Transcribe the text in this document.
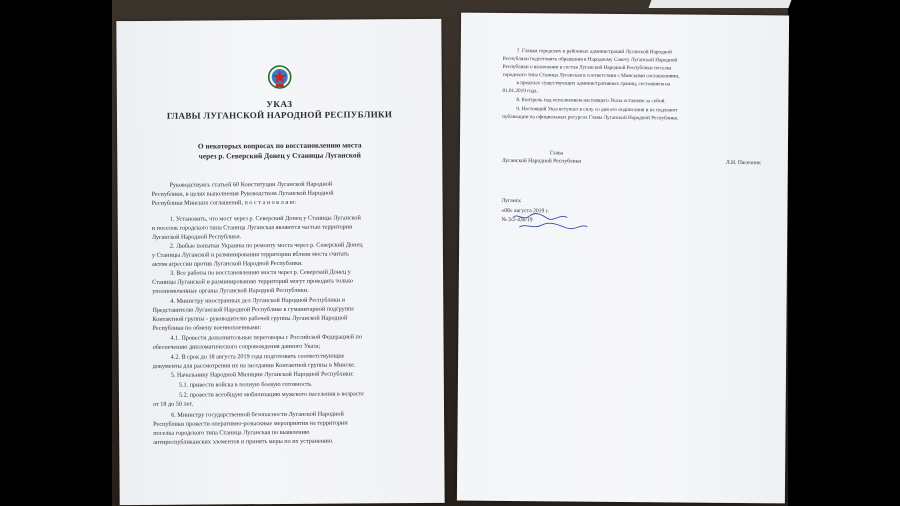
УКАЗ
ГЛАВЫ ЛУГАНСКОЙ НАРОДНОЙ РЕСПУБЛИКИ
О некоторых вопросах по восстановлению моста
через р. Северский Донец у Станицы Луганской
Руководствуясь статьей 60 Конституции Луганской Народной
Республики, в целях выполнения Руководством Луганской Народной
Республики Минских соглашений, п о с т а н о в л я ю:
1. Установить, что мост через р. Северский Донец у Станицы Луганской
и поселок городского типа Станица Луганская являются частью территории
Луганской Народной Республики.
2. Любые попытки Украины по ремонту моста через р. Северский Донец
у Станицы Луганской и разминирования территории вблизи моста считать
актом агрессии против Луганской Народной Республики.
3. Все работы по восстановлению моста через р. Северский Донец у
Станицы Луганской и разминированию территорий могут проводить только
уполномоченные органы Луганской Народной Республики.
4. Министру иностранных дел Луганской Народной Республики и
Представителю Луганской Народной Республике в гуманитарной подгруппе
Контактной группы - руководителю рабочей группы Луганской Народной
Республики по обмену военнопленными:
4.1. Провести дополнительные переговоры с Российской Федерацией по
обеспечению дипломатического сопровождения данного Указа;
4.2. В срок до 18 августа 2019 года подготовить соответствующие
документы для рассмотрения их на заседании Контактной группы в Минске.
5. Начальнику Народной Милиции Луганской Народной Республики:
5.1. привести войска в полную боевую готовность.
5.2. провести всеобщую мобилизацию мужского населения в возрасте
от 18 до 50 лет.
6. Министру государственной безопасности Луганской Народной
Республики провести оперативно-розыскные мероприятия на территории
поселка городского типа Станица Луганская по выявлению
антиреспубликанских элементов и принять меры по их устранению.
7. Главам городских и районных администраций Луганской Народной
Республики подготовить обращения в Народному Совету Луганской Народной
Республики о включении в состав Луганской Народной Республики поселка
городского типа Станица Луганская в соответствии с Минскими соглашениями,
в пределах существующих административных границ, состоянием на
01.01.2019 года.
8. Контроль над исполнением настоящего Указа оставляю за собой.
9. Настоящий Указ вступает в силу со дня его подписания и не подлежит
публикации на официальных ресурсах Главы Луганской Народной Республики.
Глава
Луганской Народной Республики	Л.И. Пасечник
Луганск
«08» августа 2019 г.
№ 3/2-436/19
